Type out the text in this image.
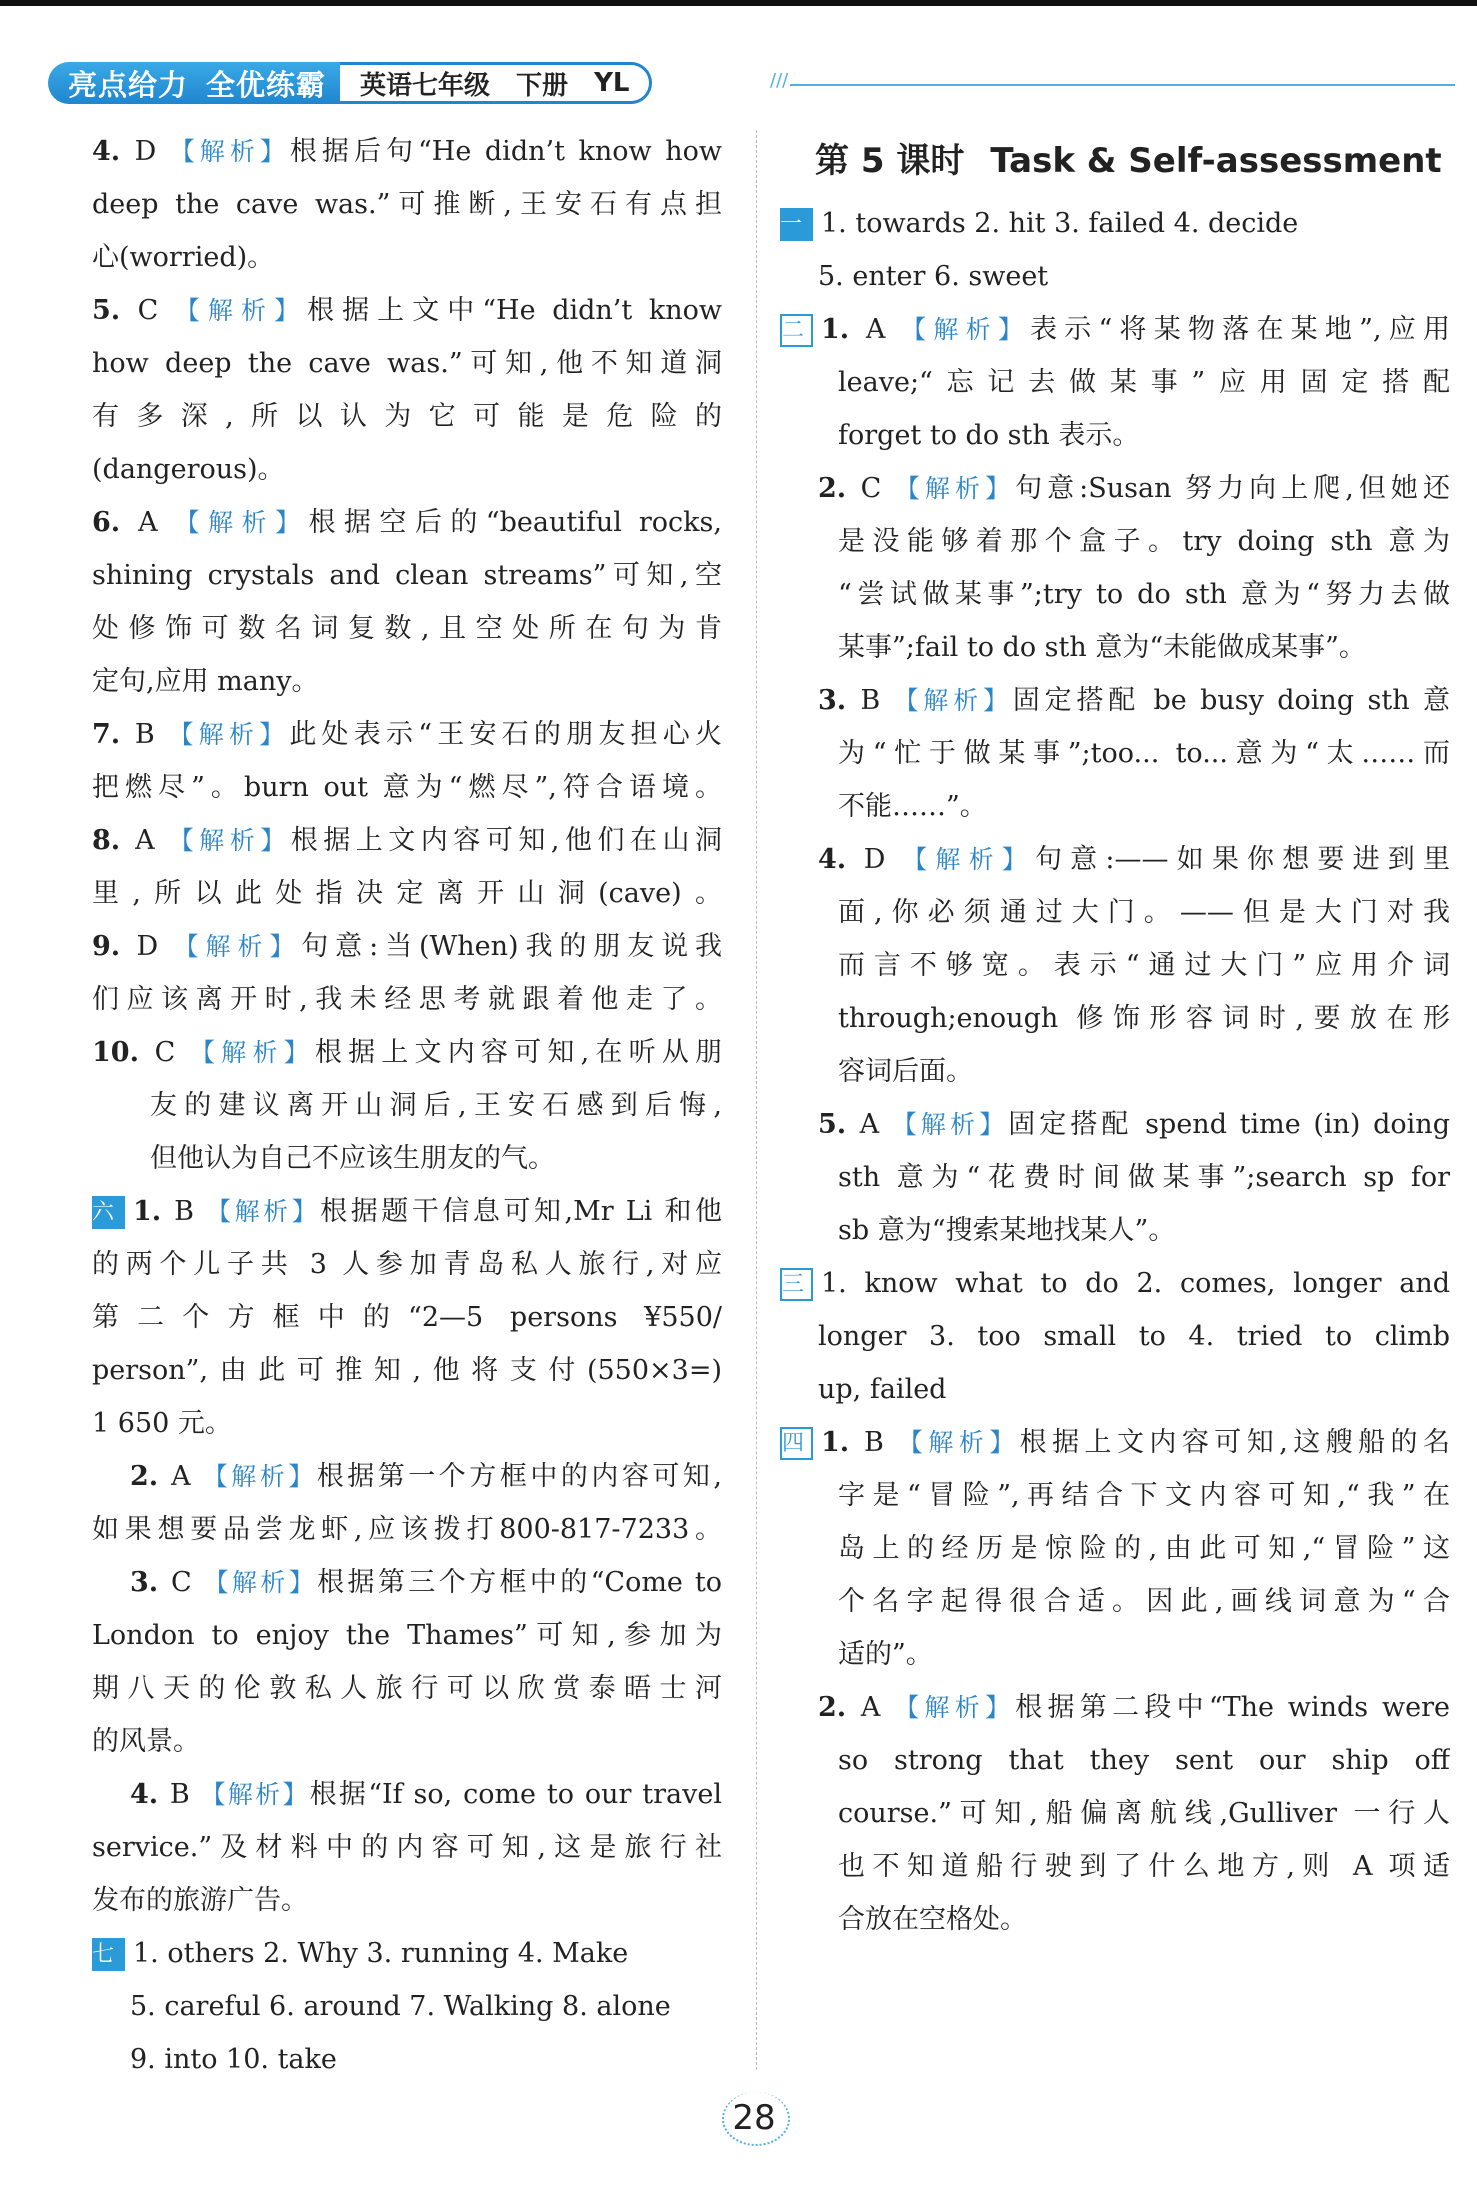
亮点给力 全优练霸 英语七年级 下册 YL	///
4. D 【解析】根据后句“He didn’t know how
deep the cave was.”可推断,王安石有点担
心(worried)。
5. C 【解析】根据上文中“He didn’t know
how deep the cave was.”可知,他不知道洞
有多深,所以认为它可能是危险的
(dangerous)。
6. A 【解析】根据空后的“beautiful rocks,
shining crystals and clean streams”可知,空
处修饰可数名词复数,且空处所在句为肯
定句,应用 many。
7. B 【解析】此处表示“王安石的朋友担心火
把燃尽”。burn out 意为“燃尽”,符合语境。
8. A 【解析】根据上文内容可知,他们在山洞
里,所以此处指决定离开山洞(cave)。
9. D 【解析】句意:当(When)我的朋友说我
们应该离开时,我未经思考就跟着他走了。
10. C 【解析】根据上文内容可知,在听从朋
友的建议离开山洞后,王安石感到后悔,
但他认为自己不应该生朋友的气。
六 1. B 【解析】根据题干信息可知,Mr Li 和他
的两个儿子共 3 人参加青岛私人旅行,对应
第二个方框中的“2—5 persons ¥550/
person”,由此可推知,他将支付(550×3=)
1 650 元。
2. A 【解析】根据第一个方框中的内容可知,
如果想要品尝龙虾,应该拨打800-817-7233。
3. C 【解析】根据第三个方框中的“Come to
London to enjoy the Thames”可知,参加为
期八天的伦敦私人旅行可以欣赏泰晤士河
的风景。
4. B 【解析】根据“If so, come to our travel
service.”及材料中的内容可知,这是旅行社
发布的旅游广告。
七 1. others 2. Why 3. running 4. Make
5. careful 6. around 7. Walking 8. alone
9. into 10. take
第 5 课时 Task & Self-assessment
一 1. towards 2. hit 3. failed 4. decide
5. enter 6. sweet
二 1. A 【解析】表示“将某物落在某地”,应用
leave;“忘记去做某事”应用固定搭配
forget to do sth 表示。
2. C 【解析】句意:Susan 努力向上爬,但她还
是没能够着那个盒子。try doing sth 意为
“尝试做某事”;try to do sth 意为“努力去做
某事”;fail to do sth 意为“未能做成某事”。
3. B 【解析】固定搭配 be busy doing sth 意
为“忙于做某事”;too... to...意为“太……而
不能……”。
4. D 【解析】句意:——如果你想要进到里
面,你必须通过大门。——但是大门对我
而言不够宽。表示“通过大门”应用介词
through;enough 修饰形容词时,要放在形
容词后面。
5. A 【解析】固定搭配 spend time (in) doing
sth 意为“花费时间做某事”;search sp for
sb 意为“搜索某地找某人”。
三 1. know what to do 2. comes, longer and
longer 3. too small to 4. tried to climb
up, failed
四 1. B 【解析】根据上文内容可知,这艘船的名
字是“冒险”,再结合下文内容可知,“我”在
岛上的经历是惊险的,由此可知,“冒险”这
个名字起得很合适。因此,画线词意为“合
适的”。
2. A 【解析】根据第二段中“The winds were
so strong that they sent our ship off
course.”可知,船偏离航线,Gulliver 一行人
也不知道船行驶到了什么地方,则 A 项适
合放在空格处。
28
